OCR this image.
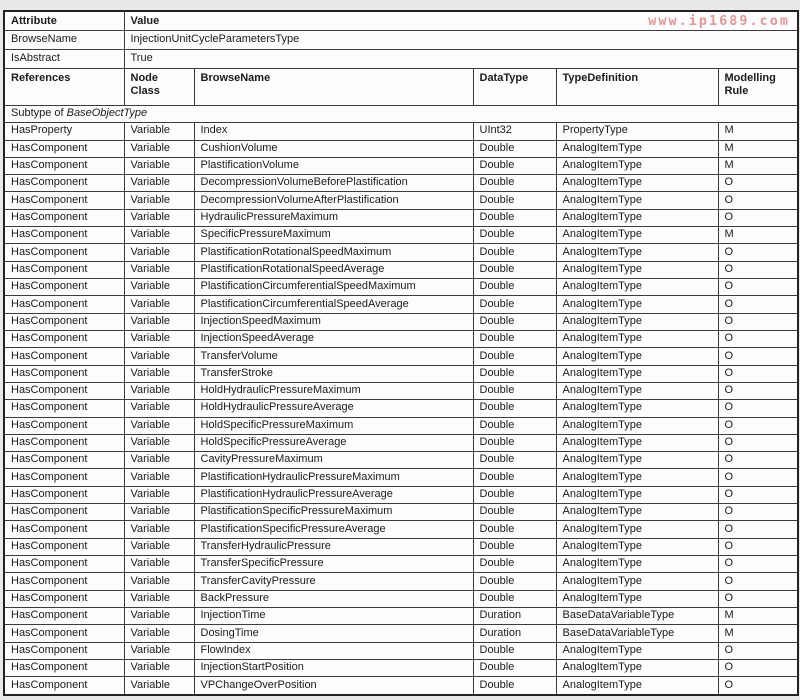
www.ip1689.com
Attribute	Value				
BrowseName	InjectionUnitCycleParametersType				
IsAbstract	True				
References	Node Class	BrowseName	DataType	TypeDefinition	Modelling Rule
Subtype of BaseObjectType					
HasProperty	Variable	Index	UInt32	PropertyType	M
HasComponent	Variable	CushionVolume	Double	AnalogItemType	M
HasComponent	Variable	PlastificationVolume	Double	AnalogItemType	M
HasComponent	Variable	DecompressionVolumeBeforePlastification	Double	AnalogItemType	O
HasComponent	Variable	DecompressionVolumeAfterPlastification	Double	AnalogItemType	O
HasComponent	Variable	HydraulicPressureMaximum	Double	AnalogItemType	O
HasComponent	Variable	SpecificPressureMaximum	Double	AnalogItemType	M
HasComponent	Variable	PlastificationRotationalSpeedMaximum	Double	AnalogItemType	O
HasComponent	Variable	PlastificationRotationalSpeedAverage	Double	AnalogItemType	O
HasComponent	Variable	PlastificationCircumferentialSpeedMaximum	Double	AnalogItemType	O
HasComponent	Variable	PlastificationCircumferentialSpeedAverage	Double	AnalogItemType	O
HasComponent	Variable	InjectionSpeedMaximum	Double	AnalogItemType	O
HasComponent	Variable	InjectionSpeedAverage	Double	AnalogItemType	O
HasComponent	Variable	TransferVolume	Double	AnalogItemType	O
HasComponent	Variable	TransferStroke	Double	AnalogItemType	O
HasComponent	Variable	HoldHydraulicPressureMaximum	Double	AnalogItemType	O
HasComponent	Variable	HoldHydraulicPressureAverage	Double	AnalogItemType	O
HasComponent	Variable	HoldSpecificPressureMaximum	Double	AnalogItemType	O
HasComponent	Variable	HoldSpecificPressureAverage	Double	AnalogItemType	O
HasComponent	Variable	CavityPressureMaximum	Double	AnalogItemType	O
HasComponent	Variable	PlastificationHydraulicPressureMaximum	Double	AnalogItemType	O
HasComponent	Variable	PlastificationHydraulicPressureAverage	Double	AnalogItemType	O
HasComponent	Variable	PlastificationSpecificPressureMaximum	Double	AnalogItemType	O
HasComponent	Variable	PlastificationSpecificPressureAverage	Double	AnalogItemType	O
HasComponent	Variable	TransferHydraulicPressure	Double	AnalogItemType	O
HasComponent	Variable	TransferSpecificPressure	Double	AnalogItemType	O
HasComponent	Variable	TransferCavityPressure	Double	AnalogItemType	O
HasComponent	Variable	BackPressure	Double	AnalogItemType	O
HasComponent	Variable	InjectionTime	Duration	BaseDataVariableType	M
HasComponent	Variable	DosingTime	Duration	BaseDataVariableType	M
HasComponent	Variable	FlowIndex	Double	AnalogItemType	O
HasComponent	Variable	InjectionStartPosition	Double	AnalogItemType	O
HasComponent	Variable	VPChangeOverPosition	Double	AnalogItemType	O
